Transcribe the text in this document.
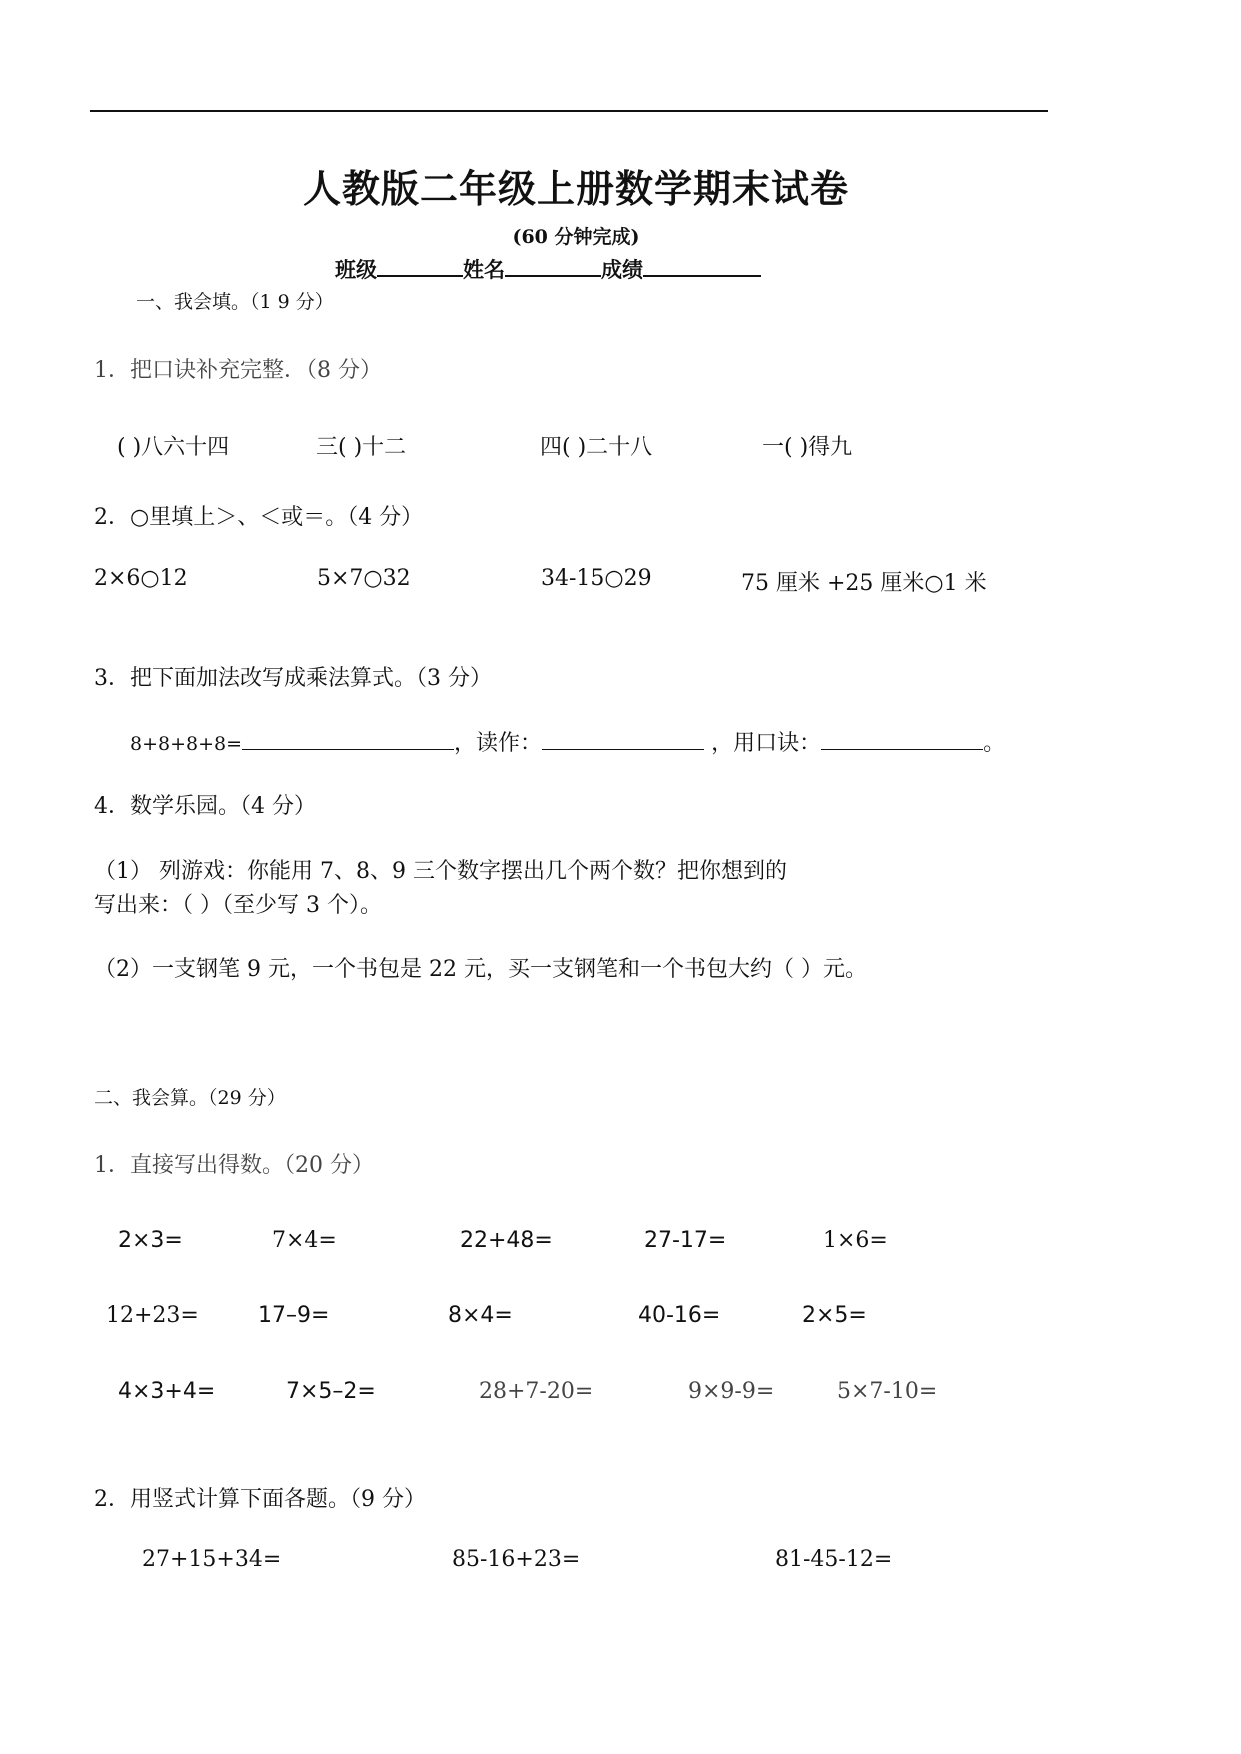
人教版二年级上册数学期末试卷
(60 分钟完成)
班级	姓名	成绩
一、我会填。（1 9 分）
1．把口诀补充完整．（8 分）
( )八六十四	三( )十二	四( )二十八	一( )得九
2．○里填上＞、＜或＝。（4 分）
2×6○12	5×7○32	34-15○29	75 厘米 +25 厘米○1 米
3．把下面加法改写成乘法算式。（3 分）
8+8+8+8=	，读作：	，用口诀：	。
4．数学乐园。（4 分）
（1） 列游戏：你能用 7、8、9 三个数字摆出几个两个数？把你想到的
写出来：（ ）（至少写 3 个）。
（2）一支钢笔 9 元，一个书包是 22 元，买一支钢笔和一个书包大约（ ）元。
二、我会算。（29 分）
1．直接写出得数。（20 分）
2×3=	7×4=	22+48=	27-17=	1×6=
12+23=	17–9=	8×4=	40-16=	2×5=
4×3+4=	7×5–2=	28+7-20=	9×9-9=	5×7-10=
2．用竖式计算下面各题。（9 分）
27+15+34=	85-16+23=	81-45-12=
